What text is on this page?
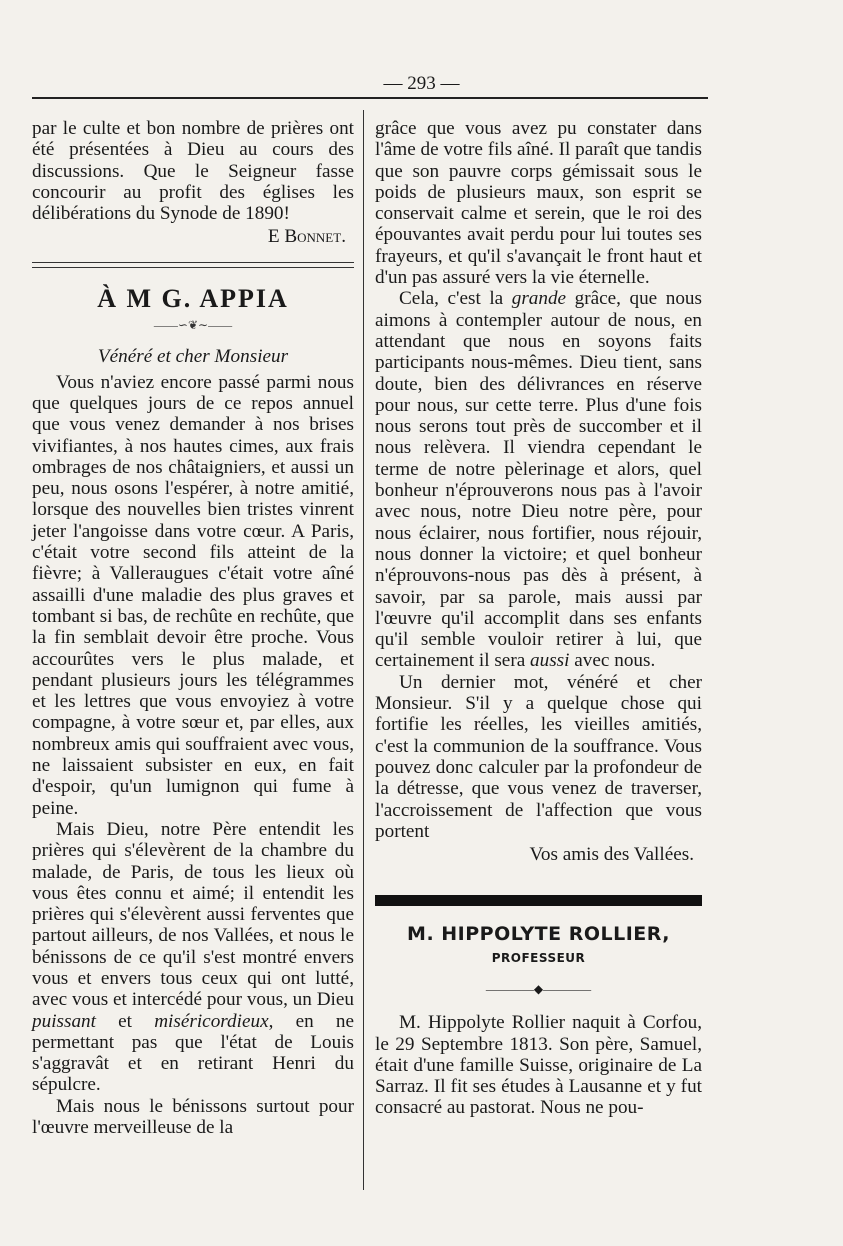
— 293 —

par le culte et bon nombre de prières ont été présentées à Dieu au cours des discussions. Que le Seigneur fasse concourir au profit des églises les délibérations du Synode de 1890!

E Bonnet.
À M G. APPIA
——∽❦∼——
Vénéré et cher Monsieur

Vous n'aviez encore passé parmi nous que quelques jours de ce repos annuel que vous venez demander à nos brises vivifiantes, à nos hautes cimes, aux frais ombrages de nos châtaigniers, et aussi un peu, nous osons l'espérer, à notre amitié, lorsque des nouvelles bien tristes vinrent jeter l'angoisse dans votre cœur. A Paris, c'était votre second fils atteint de la fièvre; à Valleraugues c'était votre aîné assailli d'une maladie des plus graves et tombant si bas, de rechûte en rechûte, que la fin semblait devoir être proche. Vous accourûtes vers le plus malade, et pendant plusieurs jours les télégrammes et les lettres que vous envoyiez à votre compagne, à votre sœur et, par elles, aux nombreux amis qui souffraient avec vous, ne laissaient subsister en eux, en fait d'espoir, qu'un lumignon qui fume à peine.

Mais Dieu, notre Père entendit les prières qui s'élevèrent de la chambre du malade, de Paris, de tous les lieux où vous êtes connu et aimé; il entendit les prières qui s'élevèrent aussi ferventes que partout ailleurs, de nos Vallées, et nous le bénissons de ce qu'il s'est montré envers vous et envers tous ceux qui ont lutté, avec vous et intercédé pour vous, un Dieu puissant et miséricordieux, en ne permettant pas que l'état de Louis s'aggravât et en retirant Henri du sépulcre.

Mais nous le bénissons surtout pour l'œuvre merveilleuse de la

grâce que vous avez pu constater dans l'âme de votre fils aîné. Il paraît que tandis que son pauvre corps gémissait sous le poids de plusieurs maux, son esprit se conservait calme et serein, que le roi des épouvantes avait perdu pour lui toutes ses frayeurs, et qu'il s'avançait le front haut et d'un pas assuré vers la vie éternelle.

Cela, c'est la grande grâce, que nous aimons à contempler autour de nous, en attendant que nous en soyons faits participants nous-mêmes. Dieu tient, sans doute, bien des délivrances en réserve pour nous, sur cette terre. Plus d'une fois nous serons tout près de succomber et il nous relèvera. Il viendra cependant le terme de notre pèlerinage et alors, quel bonheur n'éprouverons nous pas à l'avoir avec nous, notre Dieu notre père, pour nous éclairer, nous fortifier, nous réjouir, nous donner la victoire; et quel bonheur n'éprouvons-nous pas dès à présent, à savoir, par sa parole, mais aussi par l'œuvre qu'il accomplit dans ses enfants qu'il semble vouloir retirer à lui, que certainement il sera aussi avec nous.

Un dernier mot, vénéré et cher Monsieur. S'il y a quelque chose qui fortifie les réelles, les vieilles amitiés, c'est la communion de la souffrance. Vous pouvez donc calculer par la profondeur de la détresse, que vous venez de traverser, l'accroissement de l'affection que vous portent

Vos amis des Vallées.
M. HIPPOLYTE ROLLIER, PROFESSEUR
————◆————

M. Hippolyte Rollier naquit à Corfou, le 29 Septembre 1813. Son père, Samuel, était d'une famille Suisse, originaire de La Sarraz. Il fit ses études à Lausanne et y fut consacré au pastorat. Nous ne pou-
